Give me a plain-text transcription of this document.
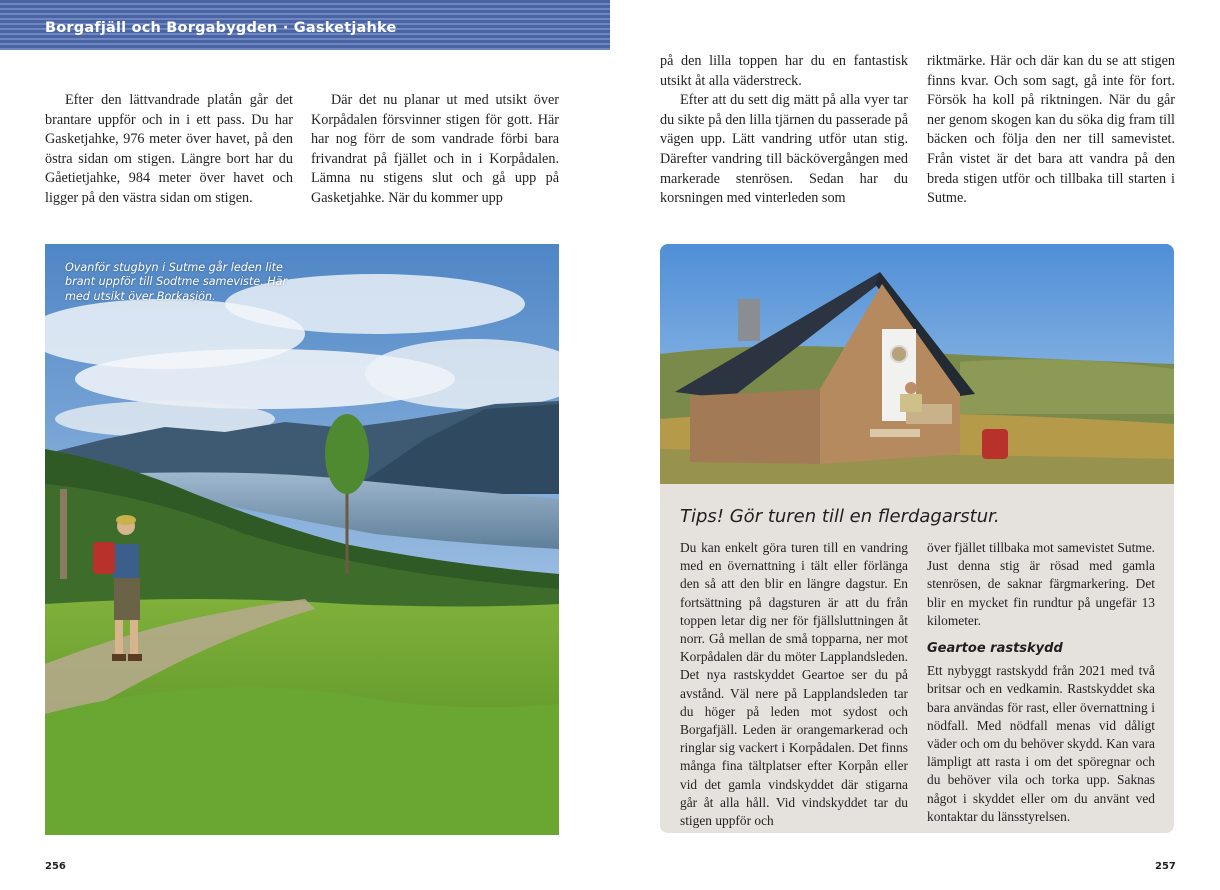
Borgafjäll och Borgabygden · Gasketjahke

Efter den lättvandrade platån går det brantare uppför och in i ett pass. Du har Gasketjahke, 976 meter över havet, på den östra sidan om stigen. Längre bort har du Gåetietjahke, 984 meter över havet och ligger på den västra sidan om stigen.

Där det nu planar ut med utsikt över Korpådalen försvinner stigen för gott. Här har nog förr de som vandrade förbi bara frivandrat på fjället och in i Korpådalen. Lämna nu stigens slut och gå upp på Gasketjahke. När du kommer upp

Ovanför stugbyn i Sutme går leden lite brant uppför till Sodtme sameviste. Här med utsikt över Borkasjön.
256

på den lilla toppen har du en fantastisk utsikt åt alla väderstreck.

Efter att du sett dig mätt på alla vyer tar du sikte på den lilla tjärnen du passerade på vägen upp. Lätt vandring utför utan stig. Därefter vandring till bäckövergången med markerade stenrösen. Sedan har du korsningen med vinterleden som

riktmärke. Här och där kan du se att stigen finns kvar. Och som sagt, gå inte för fort. Försök ha koll på riktningen. När du går ner genom skogen kan du söka dig fram till bäcken och följa den ner till samevistet. Från vistet är det bara att vandra på den breda stigen utför och tillbaka till starten i Sutme.

Tips! Gör turen till en flerdagarstur.

Du kan enkelt göra turen till en vandring med en övernattning i tält eller förlänga den så att den blir en längre dagstur. En fortsättning på dagsturen är att du från toppen letar dig ner för fjällsluttningen åt norr. Gå mellan de små topparna, ner mot Korpådalen där du möter Lapplandsleden. Det nya rastskyddet Geartoe ser du på avstånd. Väl nere på Lapplandsleden tar du höger på leden mot sydost och Borgafjäll. Leden är orangemarkerad och ringlar sig vackert i Korpådalen. Det finns många fina tältplatser efter Korpån eller vid det gamla vindskyddet där stigarna går åt alla håll. Vid vindskyddet tar du stigen uppför och

över fjället tillbaka mot samevistet Sutme. Just denna stig är rösad med gamla stenrösen, de saknar färgmarkering. Det blir en mycket fin rundtur på ungefär 13 kilometer.

Geartoe rastskydd

Ett nybyggt rastskydd från 2021 med två britsar och en vedkamin. Rastskyddet ska bara användas för rast, eller övernattning i nödfall. Med nödfall menas vid dåligt väder och om du behöver skydd. Kan vara lämpligt att rasta i om det spöregnar och du behöver vila och torka upp. Saknas något i skyddet eller om du använt ved kontaktar du länsstyrelsen.

257
